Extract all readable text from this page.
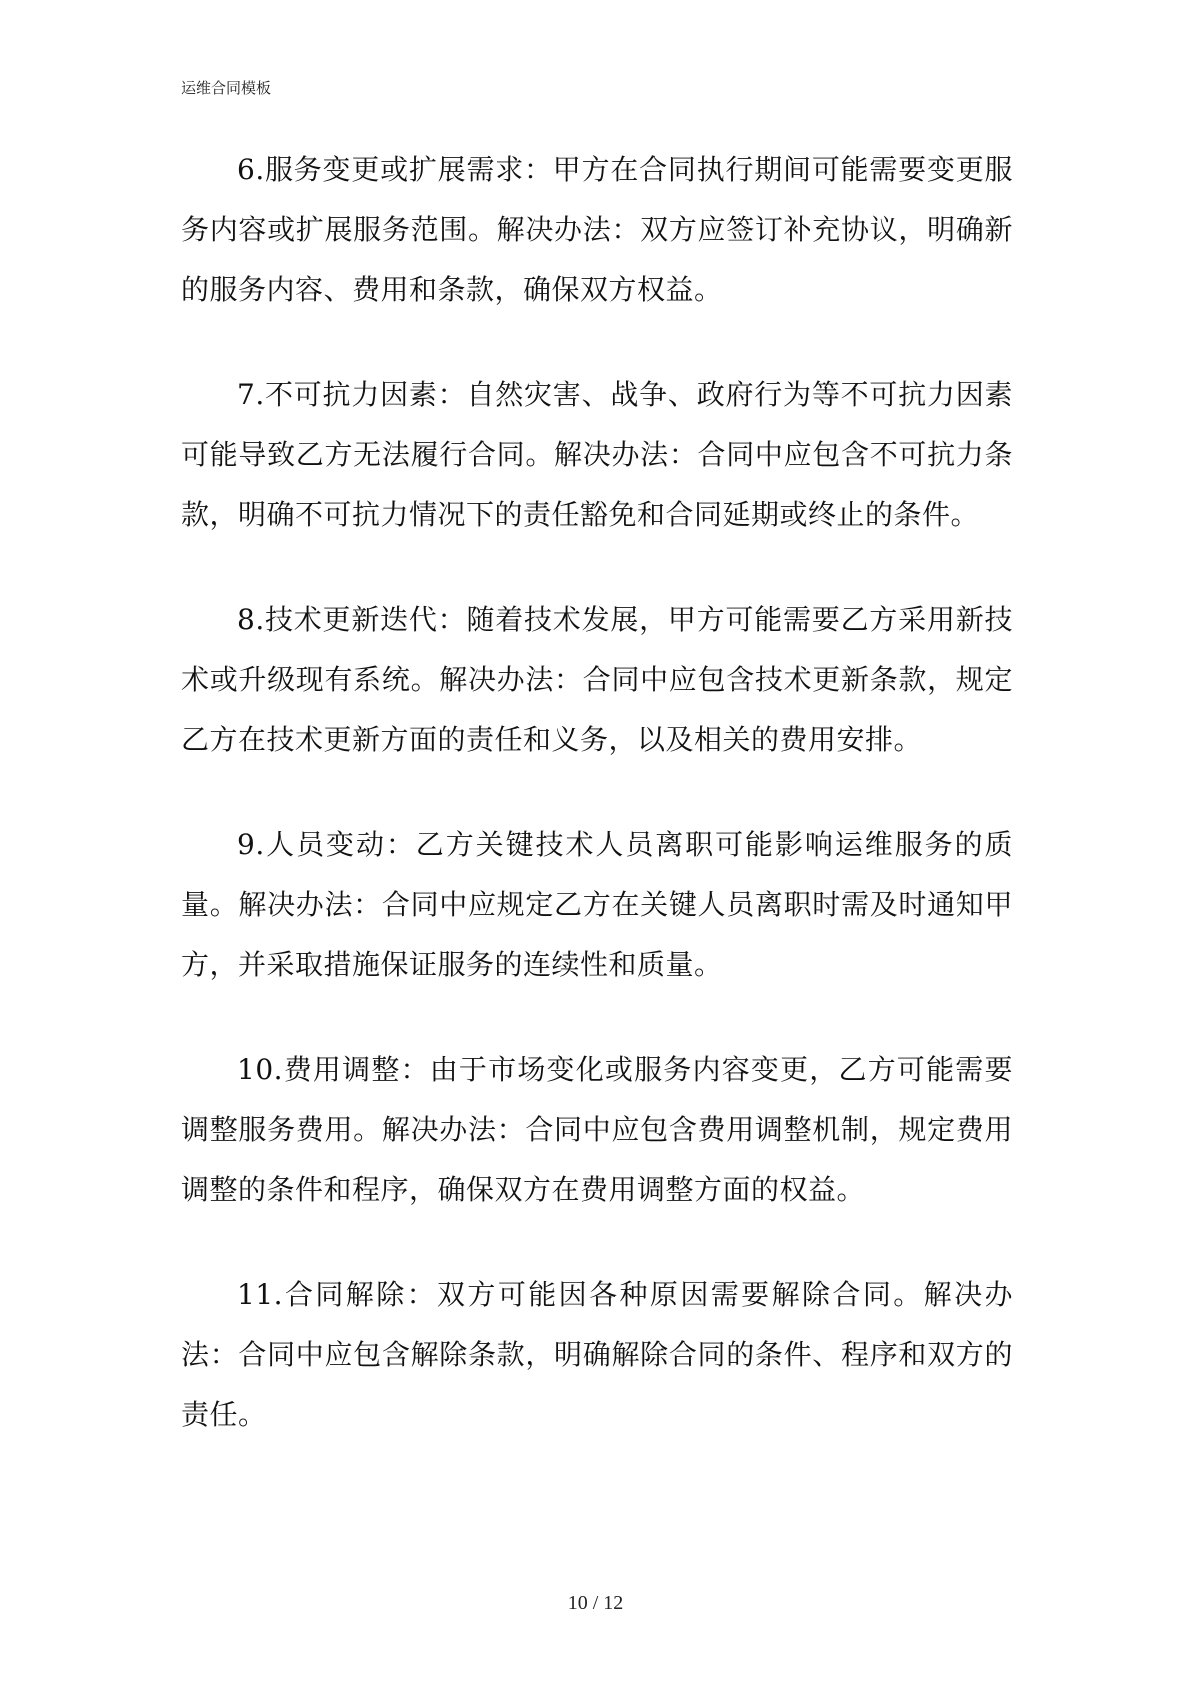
运维合同模板

6.服务变更或扩展需求：甲方在合同执行期间可能需要变更服务内容或扩展服务范围。解决办法：双方应签订补充协议，明确新的服务内容、费用和条款，确保双方权益。

7.不可抗力因素：自然灾害、战争、政府行为等不可抗力因素可能导致乙方无法履行合同。解决办法：合同中应包含不可抗力条款，明确不可抗力情况下的责任豁免和合同延期或终止的条件。

8.技术更新迭代：随着技术发展，甲方可能需要乙方采用新技术或升级现有系统。解决办法：合同中应包含技术更新条款，规定乙方在技术更新方面的责任和义务，以及相关的费用安排。

9.人员变动：乙方关键技术人员离职可能影响运维服务的质量。解决办法：合同中应规定乙方在关键人员离职时需及时通知甲方，并采取措施保证服务的连续性和质量。

10.费用调整：由于市场变化或服务内容变更，乙方可能需要调整服务费用。解决办法：合同中应包含费用调整机制，规定费用调整的条件和程序，确保双方在费用调整方面的权益。

11.合同解除：双方可能因各种原因需要解除合同。解决办法：合同中应包含解除条款，明确解除合同的条件、程序和双方的责任。

10 / 12
